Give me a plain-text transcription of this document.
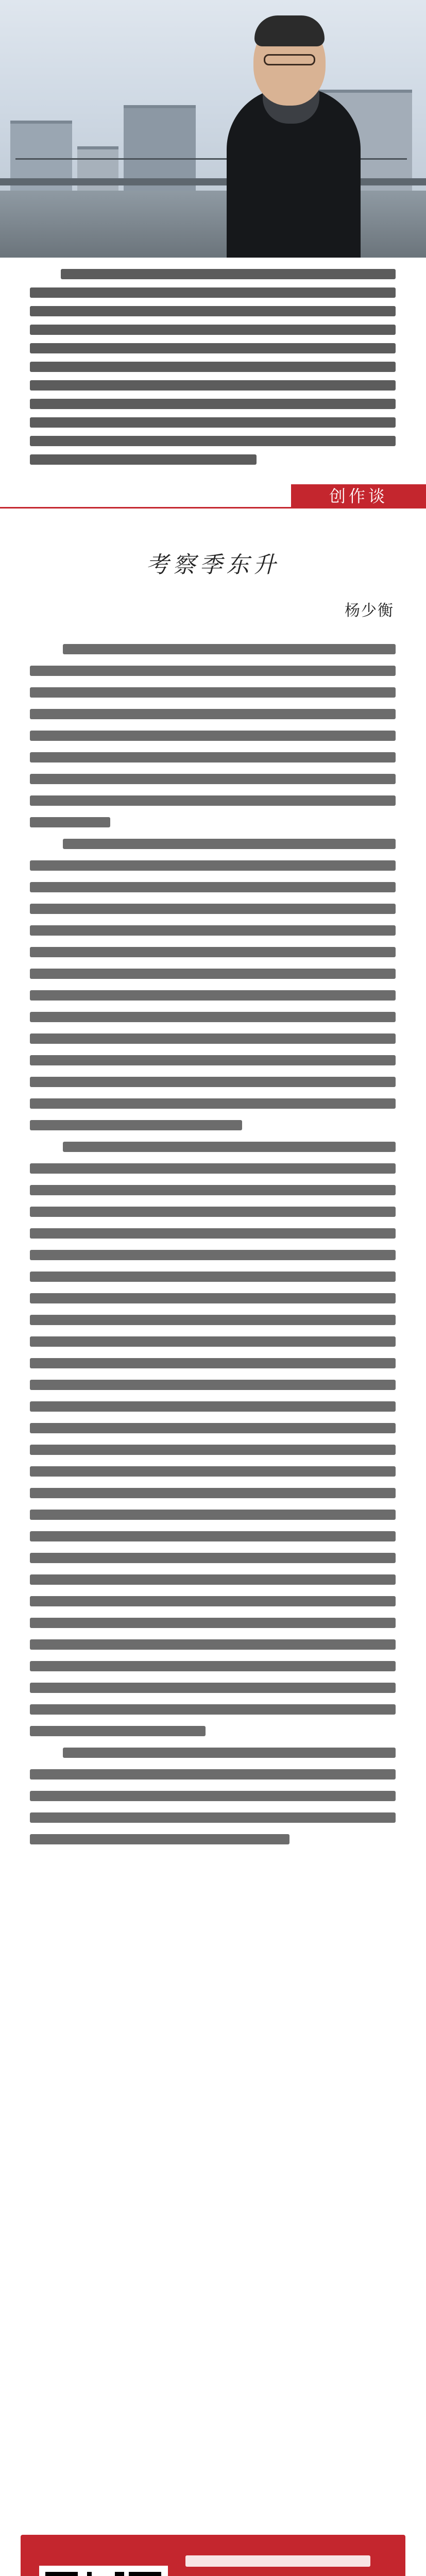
创作谈
考察季东升
杨少衡
